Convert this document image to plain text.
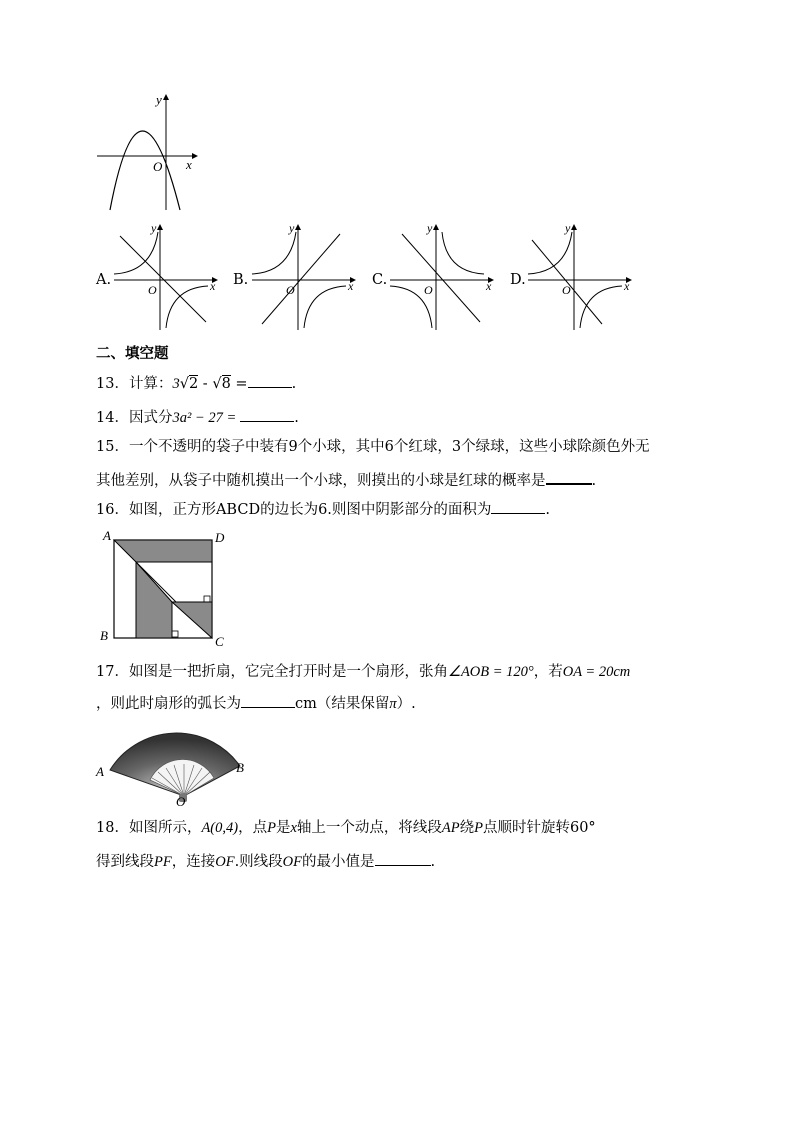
y
x
O
A.
y
x
O
B.
y
x
O
C.
y
x
O
D.
y
x
O
二、填空题
13．计算：3√2 - √8 =	.
14．因式分3a² − 27 =	.
15．一个不透明的袋子中装有9个小球，其中6个红球，3个绿球，这些小球除颜色外无
其他差别，从袋子中随机摸出一个小球，则摸出的小球是红球的概率是	.
16．如图，正方形ABCD的边长为6.则图中阴影部分的面积为	.
A	D
B	C
17．如图是一把折扇，它完全打开时是一个扇形，张角∠AOB = 120°，若OA = 20cm
，则此时扇形的弧长为	cm（结果保留π）.
A	B
O
18．如图所示，A(0,4)，点P是x轴上一个动点，将线段AP绕P点顺时针旋转60°
得到线段PF，连接OF.则线段OF的最小值是	.
